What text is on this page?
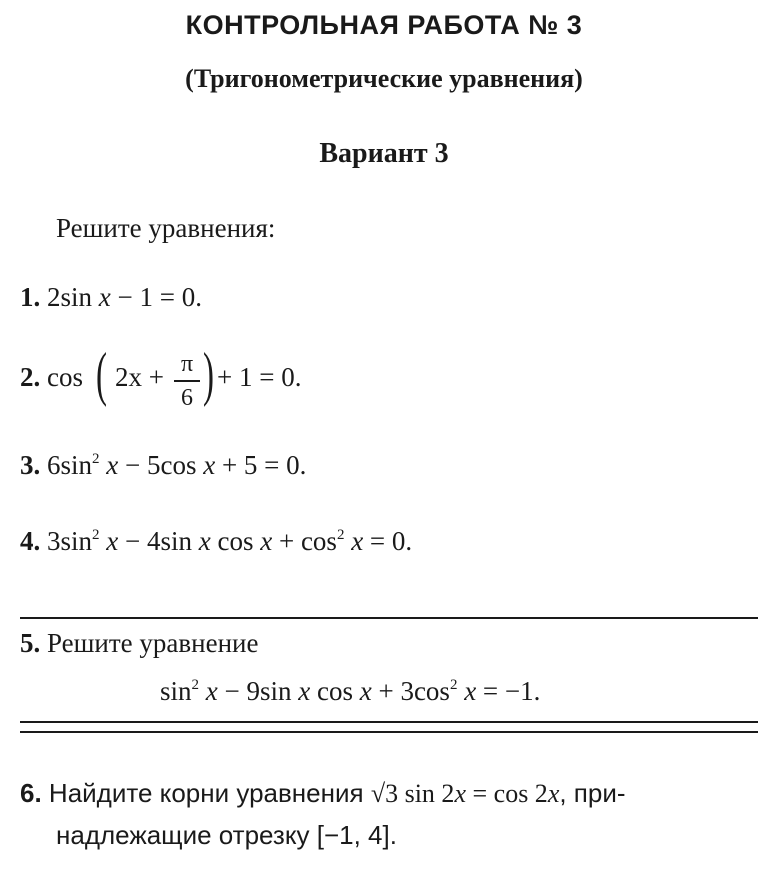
КОНТРОЛЬНАЯ РАБОТА № 3
(Тригонометрические уравнения)
Вариант 3
Решите уравнения:
1. 2sin x − 1 = 0.
2. cos ( 2x + π
6 ) + 1 = 0.
3. $6\sin^2$ x − 5cos x + 5 = 0.
4. $3\sin^2$ x − 4sin x $\cos x + \cos^2 x = 0$.
5. Решите уравнение
$\sin^2 x - 9\sin$ x $\cos x + 3\cos^2$ x = −1.
6. Найдите корни уравнения √3 sin 2x = cos 2x, при-
надлежащие отрезку [−1, 4].
